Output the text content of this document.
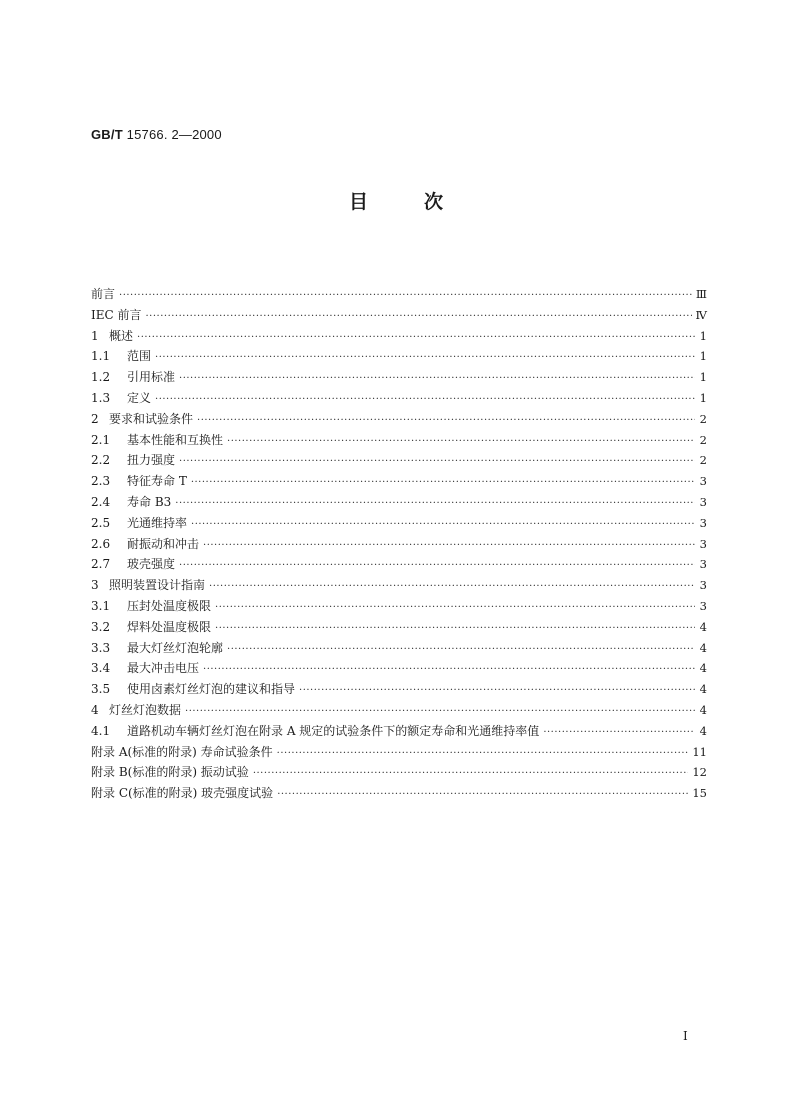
GB/T 15766. 2—2000
目次
前言 ·····	Ⅲ
IEC 前言 ·····	Ⅳ
1 概述 ·····	1
1.1	范围 ·····	1
1.2	引用标准 ·····	1
1.3	定义 ·····	1
2 要求和试验条件 ·····	2
2.1	基本性能和互换性 ·····	2
2.2	扭力强度 ·····	2
2.3	特征寿命 T ·····	3
2.4	寿命 B3 ·····	3
2.5	光通维持率 ·····	3
2.6	耐振动和冲击 ·····	3
2.7	玻壳强度 ·····	3
3 照明装置设计指南 ·····	3
3.1	压封处温度极限 ·····	3
3.2	焊料处温度极限 ·····	4
3.3	最大灯丝灯泡轮廓 ·····	4
3.4	最大冲击电压 ·····	4
3.5	使用卤素灯丝灯泡的建议和指导 ·····	4
4 灯丝灯泡数据 ·····	4
4.1	道路机动车辆灯丝灯泡在附录 A 规定的试验条件下的额定寿命和光通维持率值 ·····	4
附录 A(标准的附录) 寿命试验条件 ·····	11
附录 B(标准的附录) 振动试验 ·····	12
附录 C(标准的附录) 玻壳强度试验 ·····	15
I
